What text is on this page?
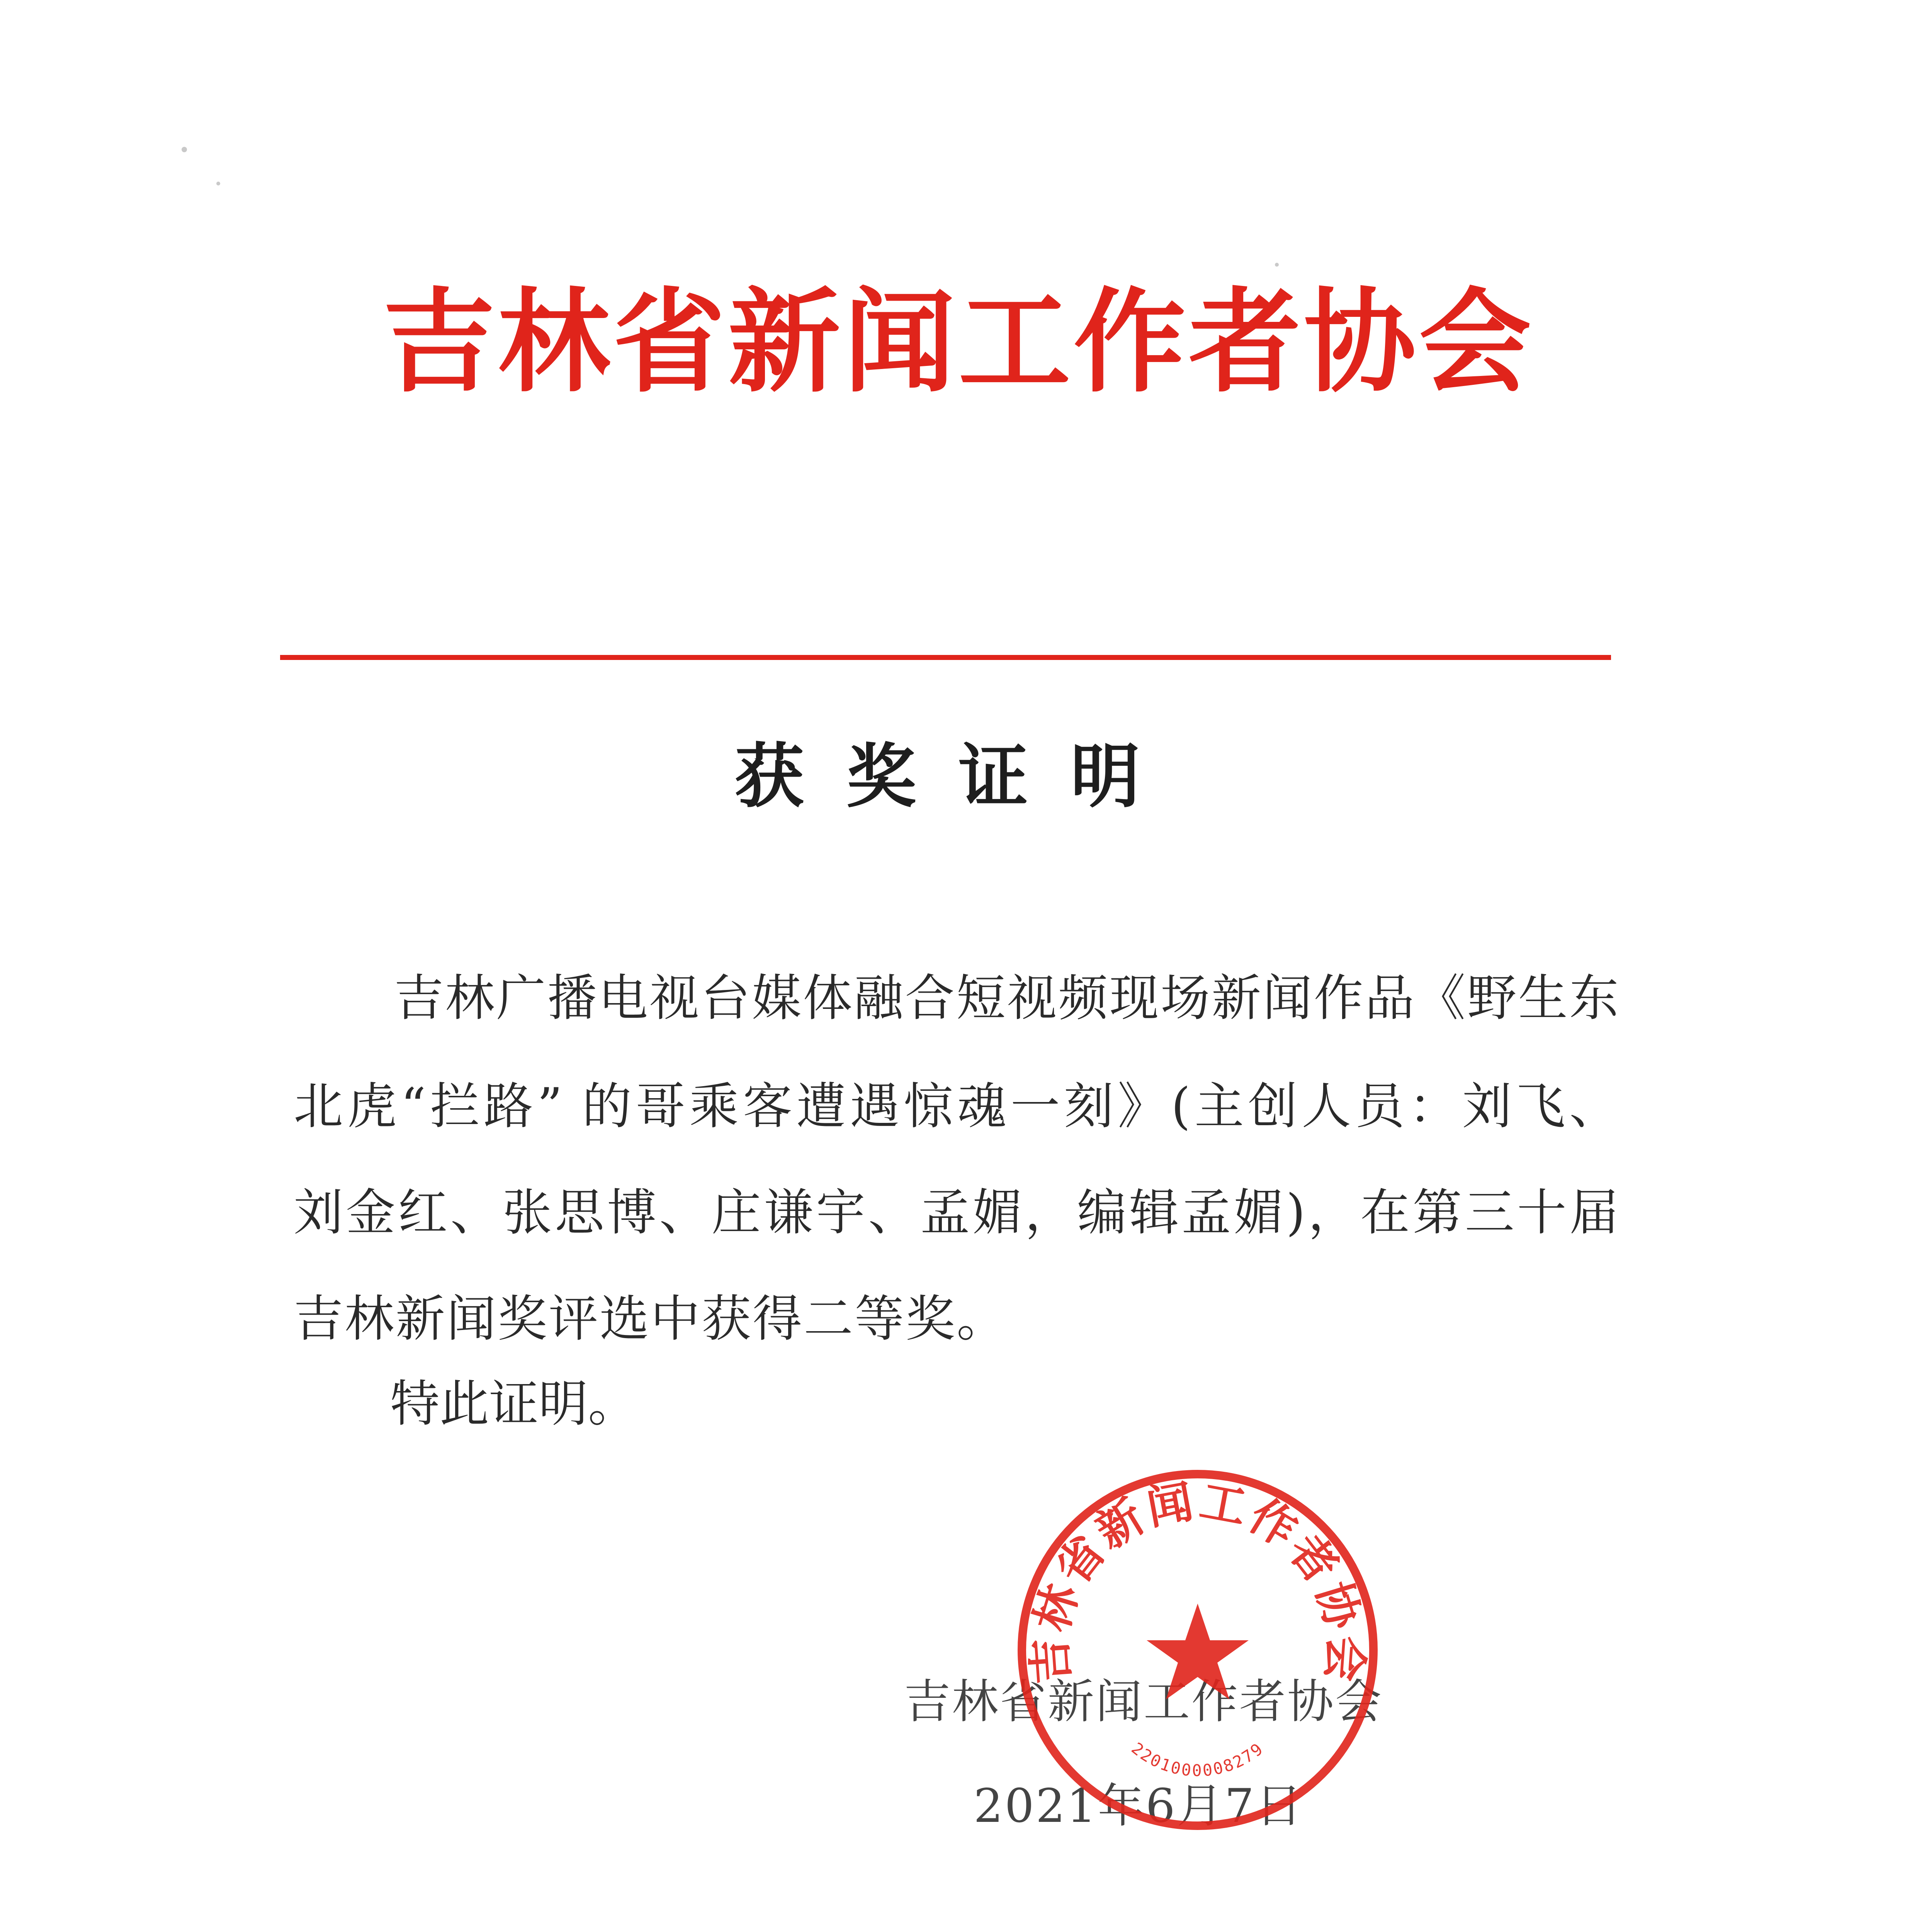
吉林省新闻工作者协会
获奖证明
吉林广播电视台媒体融合短视频现场新闻作品《野生东
北虎“拦路” 的哥乘客遭遇惊魂一刻》(主创人员：刘飞、
刘金红、张思博、庄谦宇、孟媚，编辑孟媚)，在第三十届
吉林新闻奖评选中获得二等奖。
特此证明。
吉林省新闻工作者协会
2021年6月7日
吉林省新闻工作者协会
2201000008279
